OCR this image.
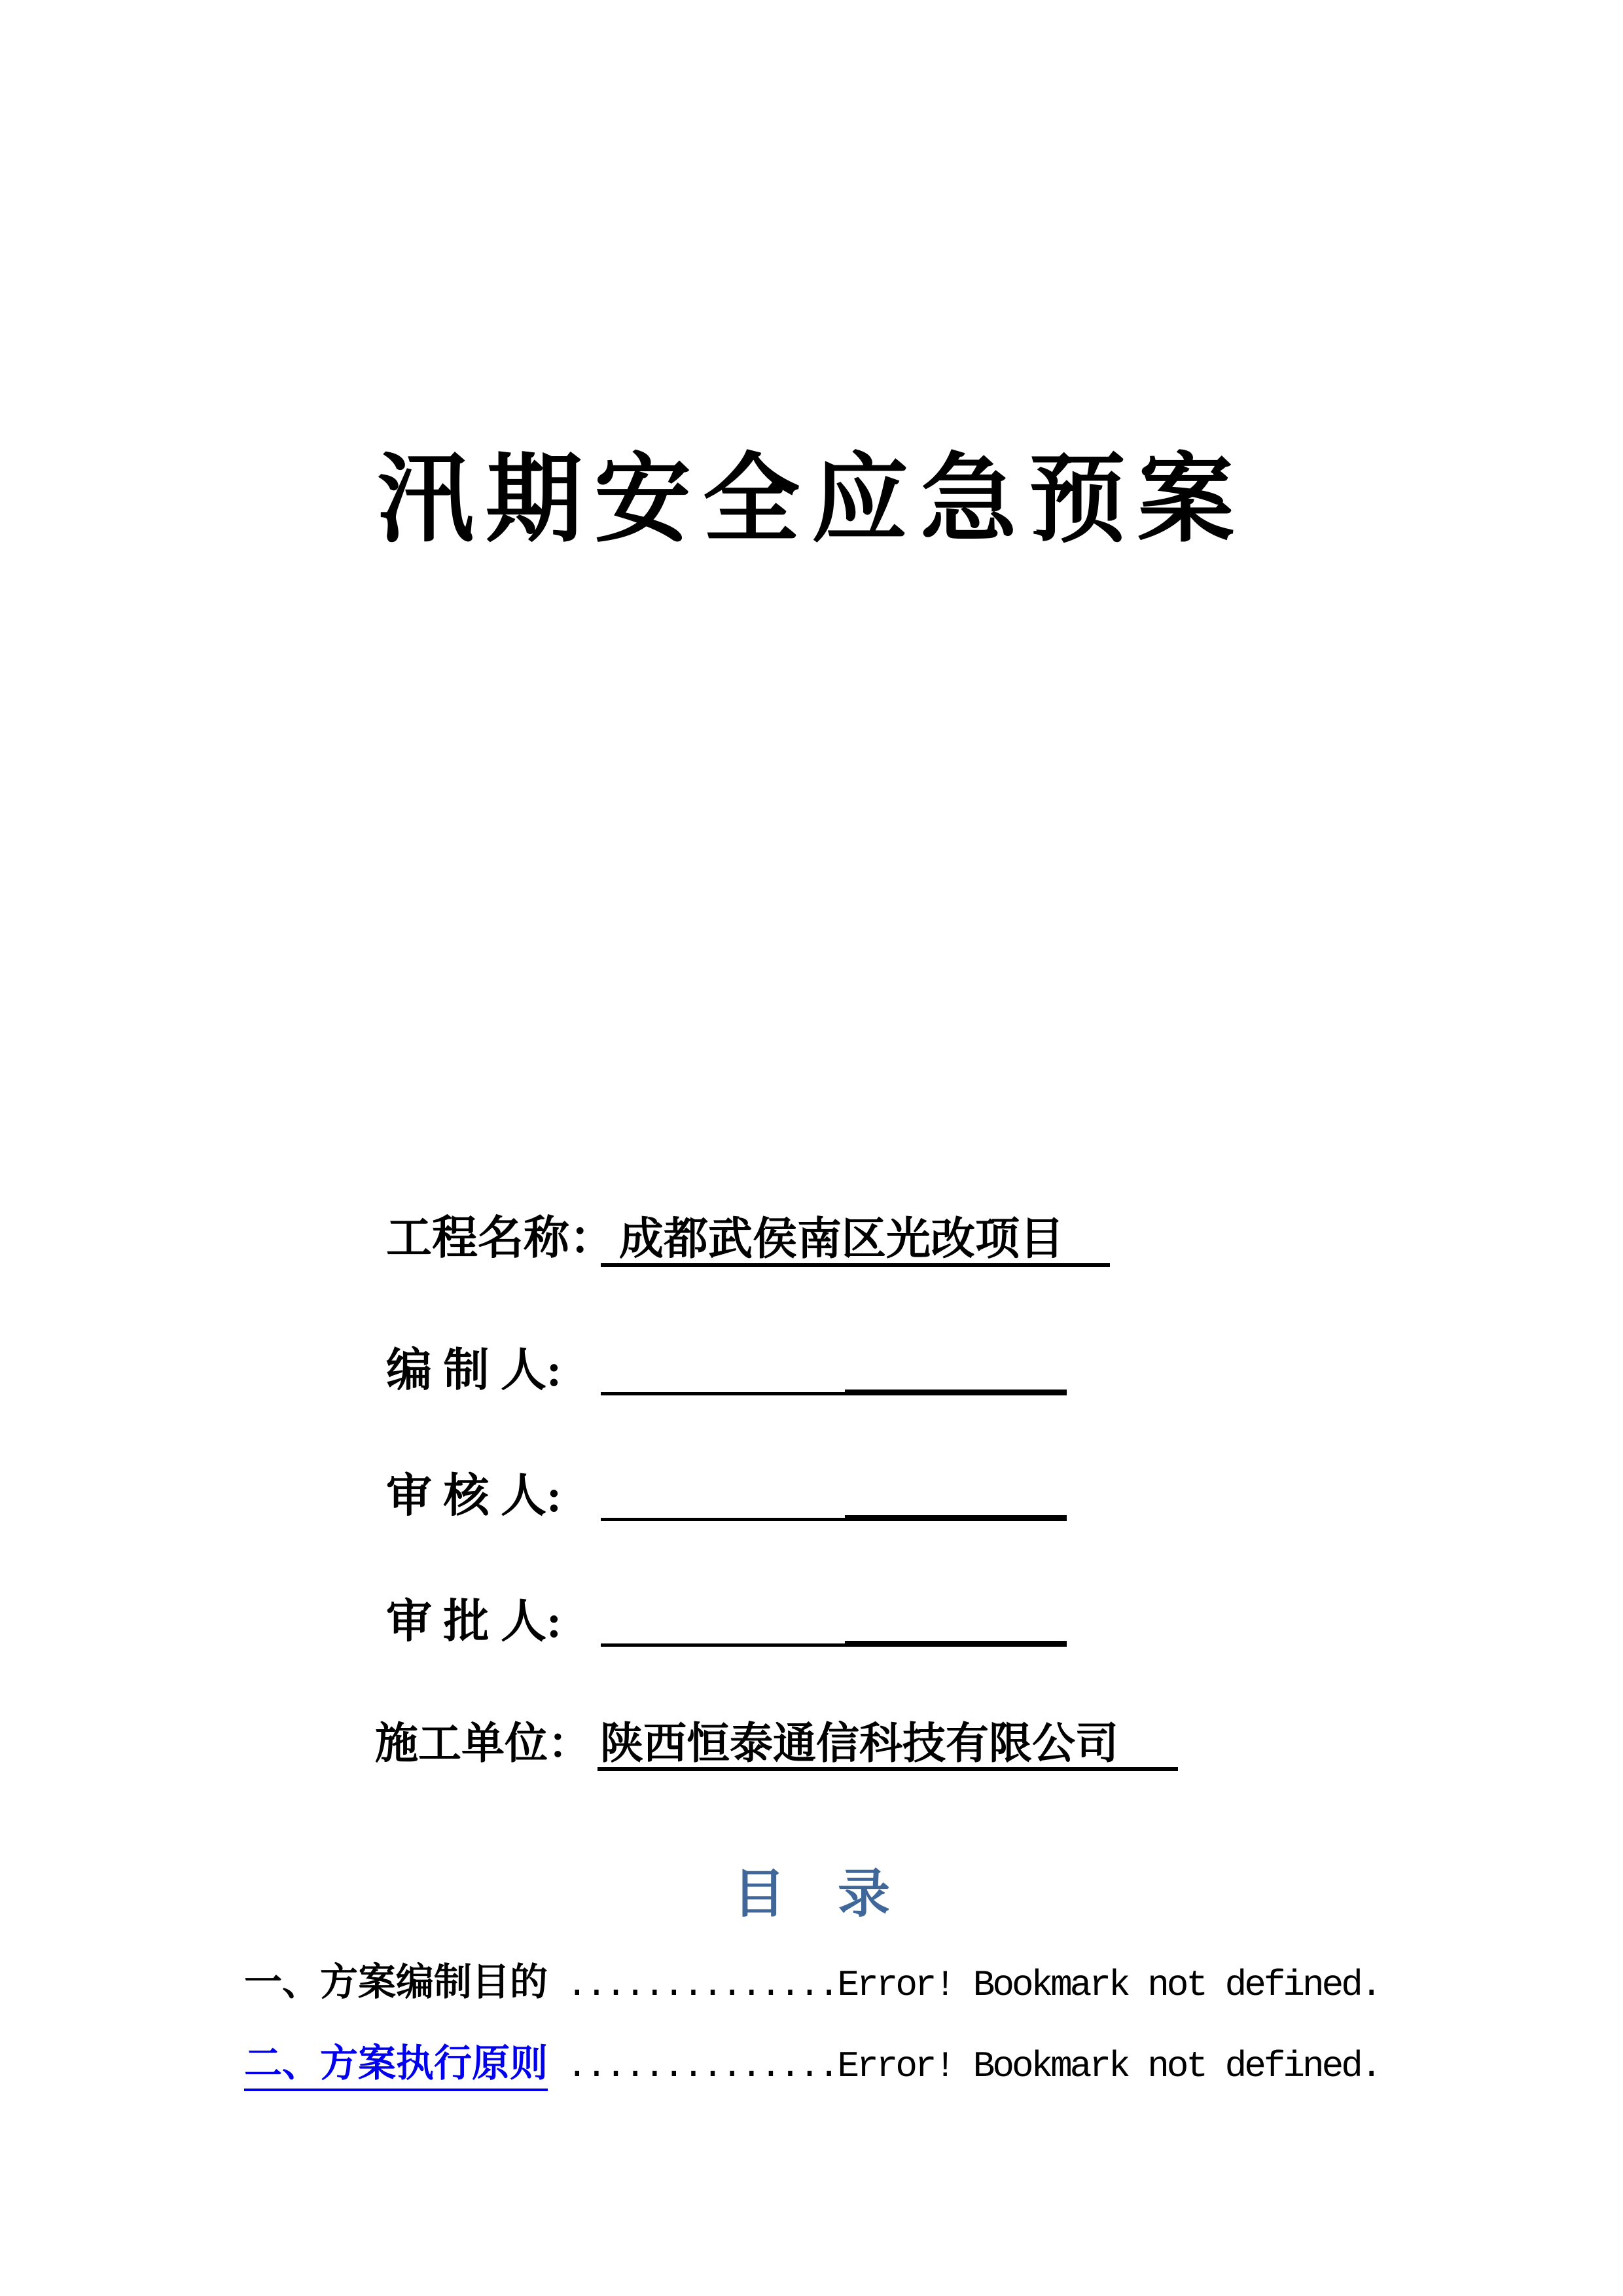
汛期安全应急预案
工程名称： 成都武侯南区光改项目
编 制 人:
审 核 人:
审 批 人:
施工单位： 陕西恒泰通信科技有限公司
目  录
一、方案编制目的 ..............Error! Bookmark not defined.
二、方案执行原则 ..............Error! Bookmark not defined.
